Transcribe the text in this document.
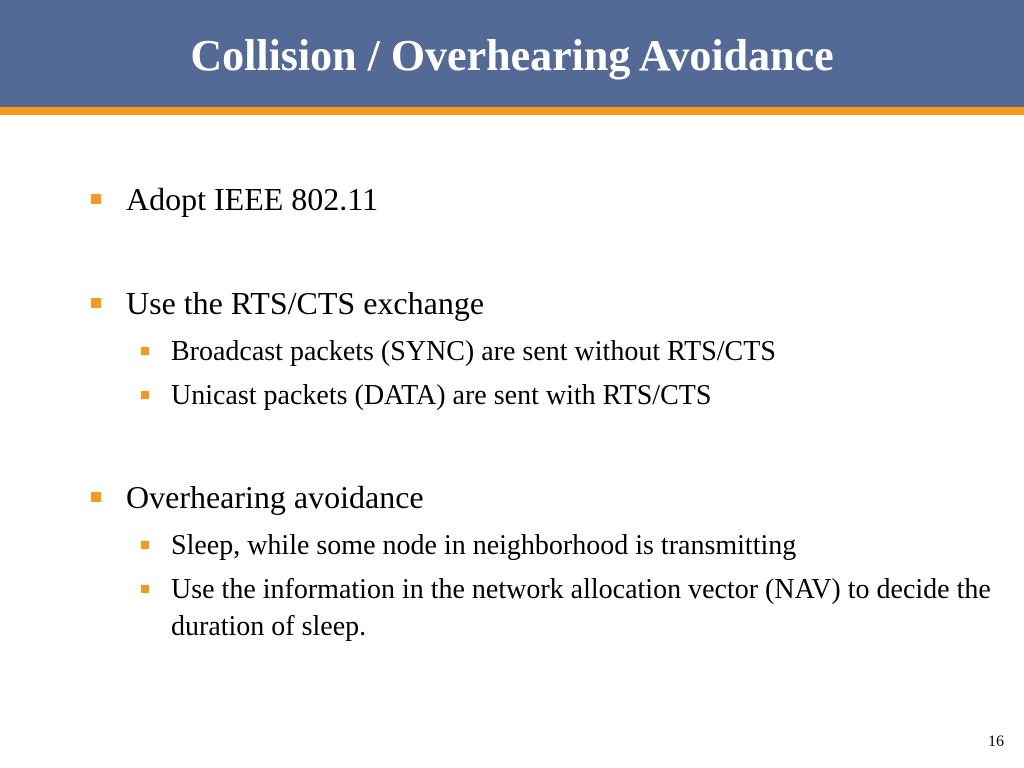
Collision / Overhearing Avoidance
Adopt IEEE 802.11
Use the RTS/CTS exchange
Broadcast packets (SYNC) are sent without RTS/CTS
Unicast packets (DATA) are sent with RTS/CTS
Overhearing avoidance
Sleep, while some node in neighborhood is transmitting
Use the information in the network allocation vector (NAV) to decide the duration of sleep.
16
